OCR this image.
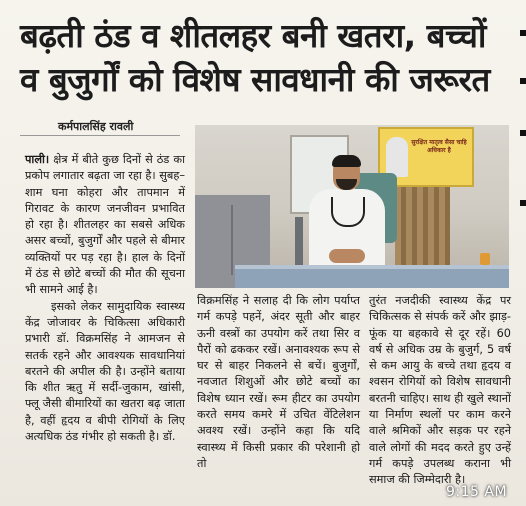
बढ़ती ठंड व शीतलहर बनी खतरा, बच्चों
व बुजुर्गों को विशेष सावधानी की जरूरत
कर्मपालसिंह रावली

पाली। क्षेत्र में बीते कुछ दिनों से ठंड का प्रकोप लगातार बढ़ता जा रहा है। सुबह–शाम घना कोहरा और तापमान में गिरावट के कारण जनजीवन प्रभावित हो रहा है। शीतलहर का सबसे अधिक असर बच्चों, बुजुर्गों और पहले से बीमार व्यक्तियों पर पड़ रहा है। हाल के दिनों में ठंड से छोटे बच्चों की मौत की सूचना भी सामने आई है।

इसको लेकर सामुदायिक स्वास्थ्य केंद्र जोजावर के चिकित्सा अधिकारी प्रभारी डॉ. विक्रमसिंह ने आमजन से सतर्क रहने और आवश्यक सावधानियां बरतने की अपील की है। उन्होंने बताया कि शीत ऋतु में सर्दी-जुकाम, खांसी, फ्लू जैसी बीमारियों का खतरा बढ़ जाता है, वहीं हृदय व बीपी रोगियों के लिए अत्यधिक ठंड गंभीर हो सकती है। डॉ.

सुरक्षित मातृत्व सैसा चाहि अधिकार है
विक्रमसिंह ने सलाह दी कि लोग पर्याप्त गर्म कपड़े पहनें, अंदर सूती और बाहर ऊनी वस्त्रों का उपयोग करें तथा सिर व पैरों को ढककर रखें। अनावश्यक रूप से घर से बाहर निकलने से बचें। बुजुर्गों, नवजात शिशुओं और छोटे बच्चों का विशेष ध्यान रखें। रूम हीटर का उपयोग करते समय कमरे में उचित वेंटिलेशन अवश्य रखें। उन्होंने कहा कि यदि स्वास्थ्य में किसी प्रकार की परेशानी हो तो
तुरंत नजदीकी स्वास्थ्य केंद्र पर चिकित्सक से संपर्क करें और झाड़-फूंक या बहकावे से दूर रहें। 60 वर्ष से अधिक उम्र के बुजुर्ग, 5 वर्ष से कम आयु के बच्चे तथा हृदय व श्वसन रोगियों को विशेष सावधानी बरतनी चाहिए। साथ ही खुले स्थानों या निर्माण स्थलों पर काम करने वाले श्रमिकों और सड़क पर रहने वाले लोगों की मदद करते हुए उन्हें गर्म कपड़े उपलब्ध कराना भी समाज की जिम्मेदारी है।
9:15 AM
